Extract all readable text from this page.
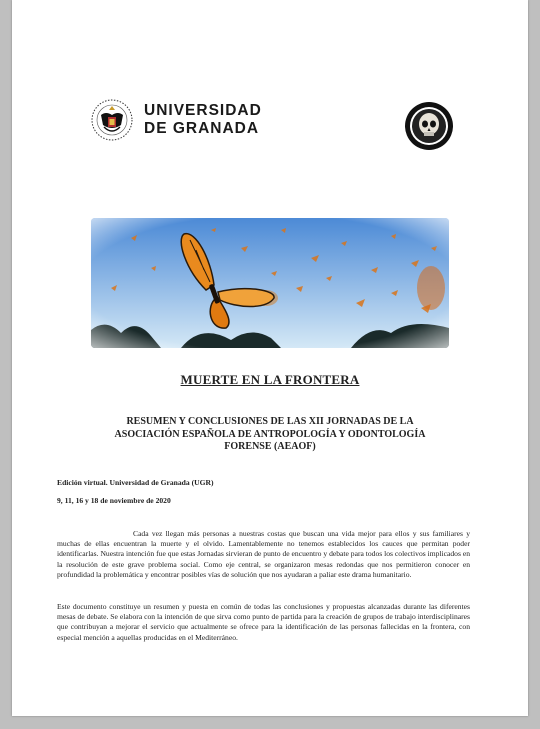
UNIVERSIDAD
DE GRANADA
MUERTE EN LA FRONTERA
RESUMEN Y CONCLUSIONES DE LAS XII JORNADAS DE LA ASOCIACIÓN ESPAÑOLA DE ANTROPOLOGÍA Y ODONTOLOGÍA FORENSE (AEAOF)
Edición virtual. Universidad de Granada (UGR)
9, 11, 16 y 18 de noviembre de 2020

Cada vez llegan más personas a nuestras costas que buscan una vida mejor para ellos y sus familiares y muchas de ellas encuentran la muerte y el olvido. Lamentablemente no tenemos establecidos los cauces que permitan poder identificarlas. Nuestra intención fue que estas Jornadas sirvieran de punto de encuentro y debate para todos los colectivos implicados en la resolución de este grave problema social. Como eje central, se organizaron mesas redondas que nos permitieron conocer en profundidad la problemática y encontrar posibles vías de solución que nos ayudaran a paliar este drama humanitario.

Este documento constituye un resumen y puesta en común de todas las conclusiones y propuestas alcanzadas durante las diferentes mesas de debate. Se elabora con la intención de que sirva como punto de partida para la creación de grupos de trabajo interdisciplinares que contribuyan a mejorar el servicio que actualmente se ofrece para la identificación de las personas fallecidas en la frontera, con especial mención a aquellas producidas en el Mediterráneo.
